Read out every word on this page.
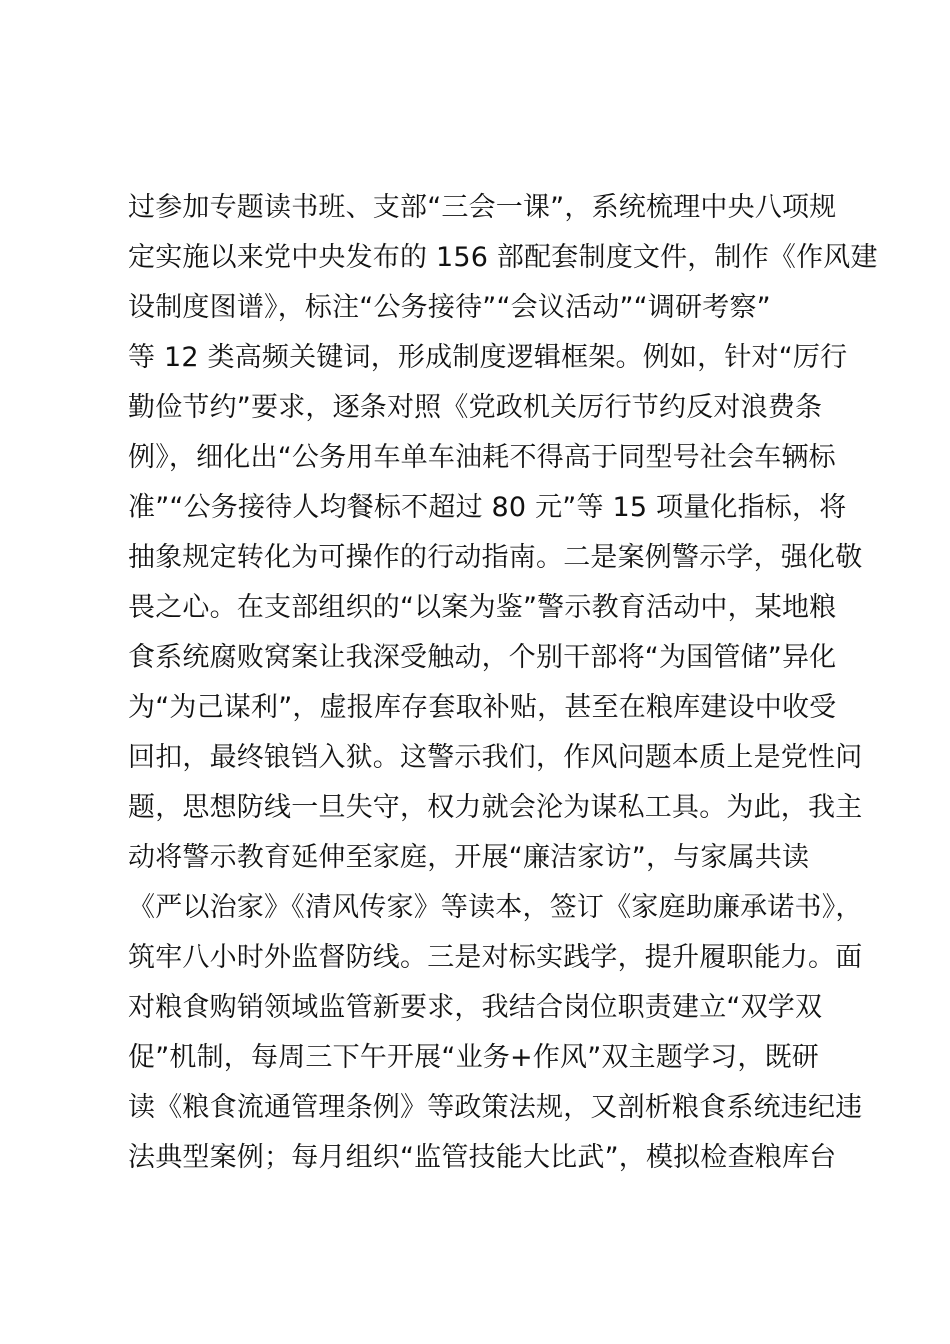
过参加专题读书班、支部“三会一课”，系统梳理中央八项规
定实施以来党中央发布的 156 部配套制度文件，制作《作风建
设制度图谱》，标注“公务接待”“会议活动”“调研考察”
等 12 类高频关键词，形成制度逻辑框架。例如，针对“厉行
勤俭节约”要求，逐条对照《党政机关厉行节约反对浪费条
例》，细化出“公务用车单车油耗不得高于同型号社会车辆标
准”“公务接待人均餐标不超过 80 元”等 15 项量化指标，将
抽象规定转化为可操作的行动指南。二是案例警示学，强化敬
畏之心。在支部组织的“以案为鉴”警示教育活动中，某地粮
食系统腐败窝案让我深受触动，个别干部将“为国管储”异化
为“为己谋利”，虚报库存套取补贴，甚至在粮库建设中收受
回扣，最终锒铛入狱。这警示我们，作风问题本质上是党性问
题，思想防线一旦失守，权力就会沦为谋私工具。为此，我主
动将警示教育延伸至家庭，开展“廉洁家访”，与家属共读
《严以治家》《清风传家》等读本，签订《家庭助廉承诺书》，
筑牢八小时外监督防线。三是对标实践学，提升履职能力。面
对粮食购销领域监管新要求，我结合岗位职责建立“双学双
促”机制，每周三下午开展“业务+作风”双主题学习，既研
读《粮食流通管理条例》等政策法规，又剖析粮食系统违纪违
法典型案例；每月组织“监管技能大比武”，模拟检查粮库台
